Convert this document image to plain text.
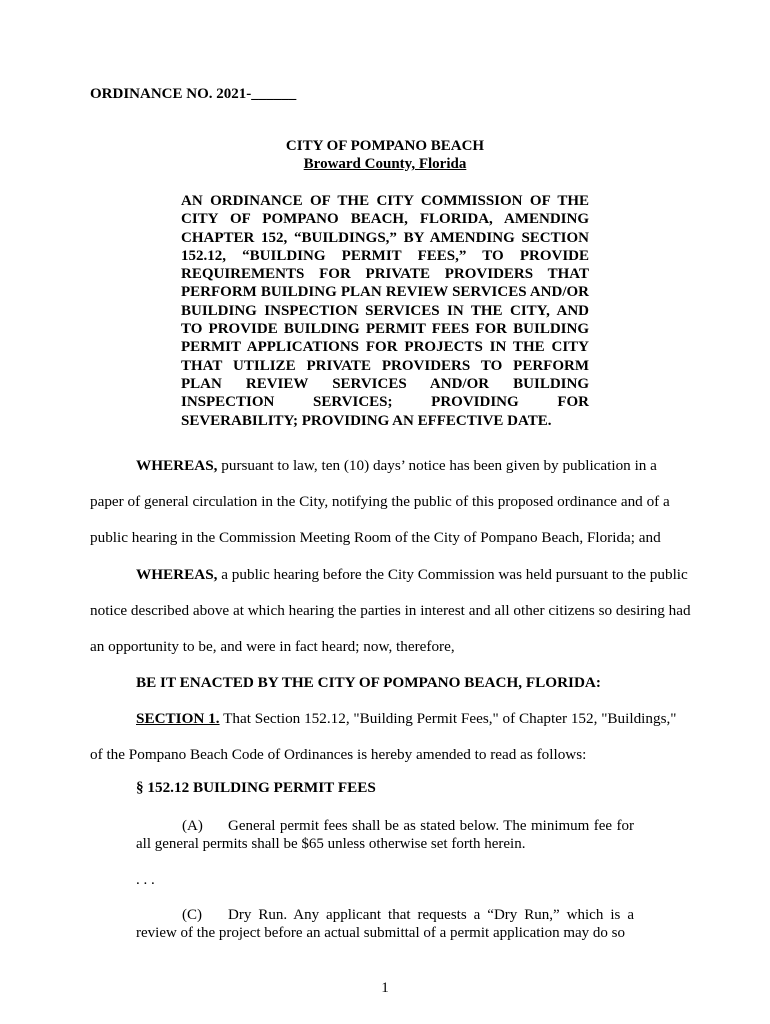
ORDINANCE NO. 2021-______
CITY OF POMPANO BEACH
Broward County, Florida
AN ORDINANCE OF THE CITY COMMISSION OF THE CITY OF POMPANO BEACH, FLORIDA, AMENDING CHAPTER 152, “BUILDINGS,” BY AMENDING SECTION 152.12, “BUILDING PERMIT FEES,” TO PROVIDE REQUIREMENTS FOR PRIVATE PROVIDERS THAT PERFORM BUILDING PLAN REVIEW SERVICES AND/OR BUILDING INSPECTION SERVICES IN THE CITY, AND TO PROVIDE BUILDING PERMIT FEES FOR BUILDING PERMIT APPLICATIONS FOR PROJECTS IN THE CITY THAT UTILIZE PRIVATE PROVIDERS TO PERFORM PLAN REVIEW SERVICES AND/OR BUILDING INSPECTION SERVICES; PROVIDING FOR SEVERABILITY; PROVIDING AN EFFECTIVE DATE.
WHEREAS, pursuant to law, ten (10) days’ notice has been given by publication in a
paper of general circulation in the City, notifying the public of this proposed ordinance and of a
public hearing in the Commission Meeting Room of the City of Pompano Beach, Florida; and
WHEREAS, a public hearing before the City Commission was held pursuant to the public
notice described above at which hearing the parties in interest and all other citizens so desiring had
an opportunity to be, and were in fact heard; now, therefore,
BE IT ENACTED BY THE CITY OF POMPANO BEACH, FLORIDA:
SECTION 1. That Section 152.12, "Building Permit Fees," of Chapter 152, "Buildings,"
of the Pompano Beach Code of Ordinances is hereby amended to read as follows:
§ 152.12 BUILDING PERMIT FEES
(A) General permit fees shall be as stated below. The minimum fee for all general permits shall be $65 unless otherwise set forth herein.
. . .
(C) Dry Run. Any applicant that requests a “Dry Run,” which is a review of the project before an actual submittal of a permit application may do so
1
